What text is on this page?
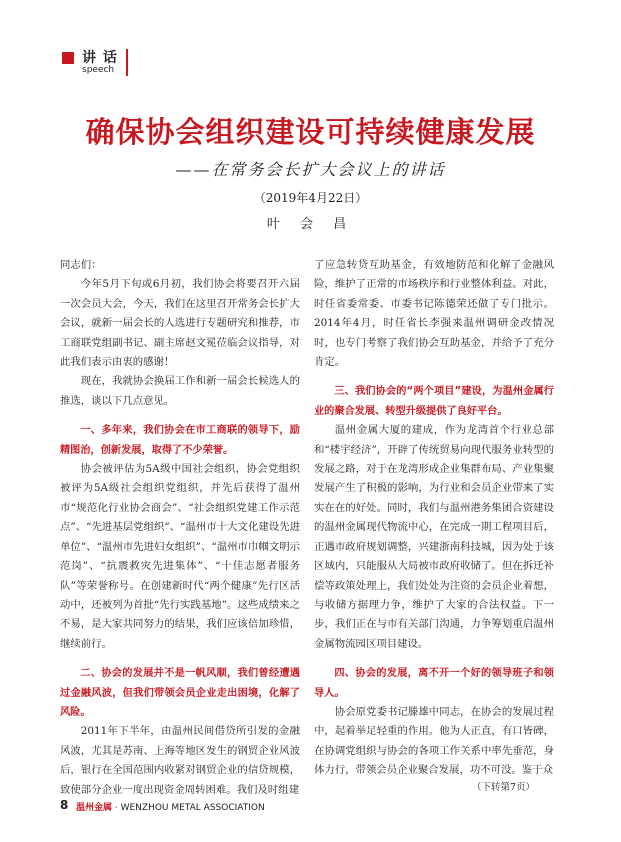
讲 话
speech
确保协会组织建设可持续健康发展
——在常务会长扩大会议上的讲话
（2019年4月22日）
叶 会 昌

同志们：

今年5月下旬或6月初，我们协会将要召开六届一次会员大会，今天，我们在这里召开常务会长扩大会议，就新一届会长的人选进行专题研究和推荐，市工商联党组副书记、副主席赵文冕莅临会议指导，对此我们表示由衷的感谢！

现在，我就协会换届工作和新一届会长候选人的推选，谈以下几点意见。

一、多年来，我们协会在市工商联的领导下，励精图治，创新发展，取得了不少荣誉。

协会被评估为5A级中国社会组织，协会党组织被评为5A级社会组织党组织，并先后获得了温州市“规范化行业协会商会”、“社会组织党建工作示范点”、“先进基层党组织”、“温州市十大文化建设先进单位”、“温州市先进妇女组织”、“温州市巾帼文明示范岗”、“抗震救灾先进集体”、“十佳志愿者服务队”等荣誉称号。在创建新时代“两个健康”先行区活动中，还被列为首批“先行实践基地”。这些成绩来之不易，是大家共同努力的结果，我们应该倍加珍惜，继续前行。

二、协会的发展并不是一帆风顺，我们曾经遭遇过金融风波，但我们带领会员企业走出困境，化解了风险。

2011年下半年，由温州民间借贷所引发的金融风波，尤其是苏南、上海等地区发生的钢贸企业风波后，银行在全国范围内收紧对钢贸企业的信贷规模，致使部分企业一度出现资金周转困难。我们及时组建

了应急转贷互助基金，有效地防范和化解了金融风险，维护了正常的市场秩序和行业整体利益。对此，时任省委常委、市委书记陈德荣还做了专门批示。2014年4月，时任省长李强来温州调研金改情况时，也专门考察了我们协会互助基金，并给予了充分肯定。

三、我们协会的“两个项目”建设，为温州金属行业的聚合发展、转型升级提供了良好平台。

温州金属大厦的建成，作为龙湾首个行业总部和“楼宇经济”，开辟了传统贸易向现代服务业转型的发展之路，对于在龙湾形成企业集群布局、产业集聚发展产生了积极的影响，为行业和会员企业带来了实实在在的好处。同时，我们与温州港务集团合资建设的温州金属现代物流中心，在完成一期工程项目后，正遇市政府规划调整，兴建浙南科技城，因为处于该区域内，只能服从大局被市政府收储了。但在拆迁补偿等政策处理上，我们处处为注资的会员企业着想，与收储方据理力争，维护了大家的合法权益。下一步，我们正在与市有关部门沟通，力争筹划重启温州金属物流园区项目建设。

四、协会的发展，离不开一个好的领导班子和领导人。

协会原党委书记滕雄中同志，在协会的发展过程中，起着举足轻重的作用。他为人正直，有口皆碑，在协调党组织与协会的各项工作关系中率先垂范，身体力行，带领会员企业聚合发展，功不可没。鉴于众

（下转第7页）
8 温州金属 · WENZHOU METAL ASSOCIATION
